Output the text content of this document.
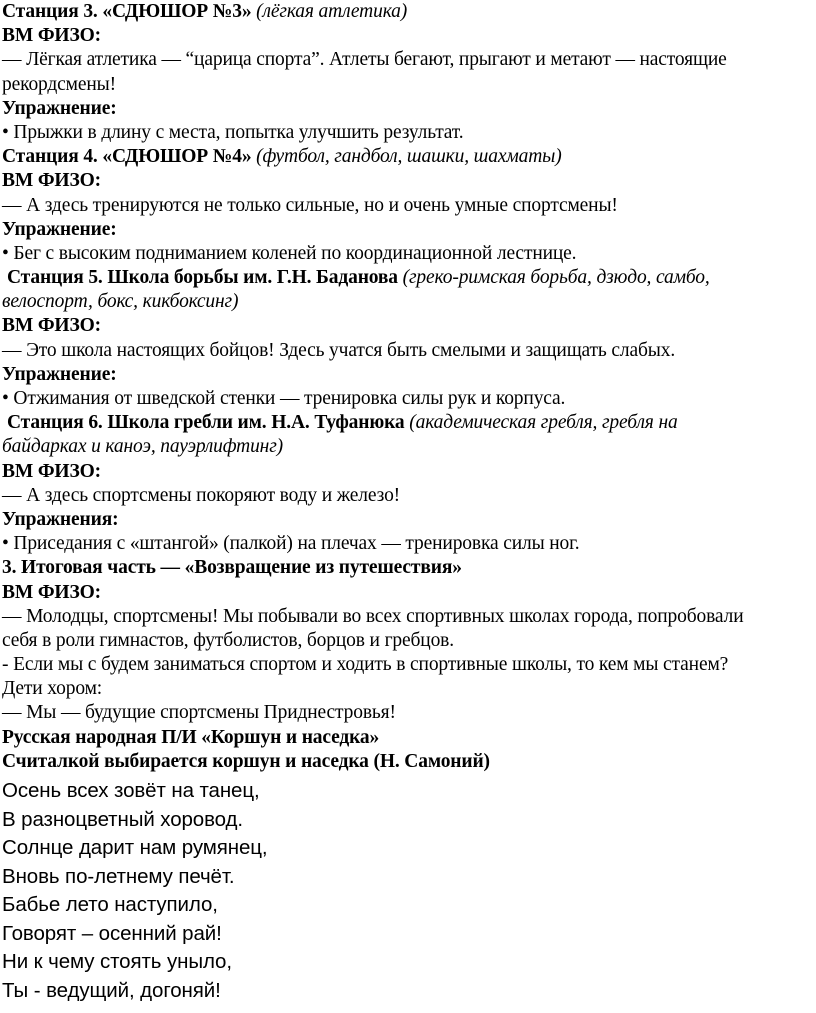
Станция 3. «СДЮШОР №3» (лёгкая атлетика)
ВМ ФИЗО:
— Лёгкая атлетика — “царица спорта”. Атлеты бегают, прыгают и метают — настоящие
рекордсмены!
Упражнение:
• Прыжки в длину с места, попытка улучшить результат.
Станция 4. «СДЮШОР №4» (футбол, гандбол, шашки, шахматы)
ВМ ФИЗО:
— А здесь тренируются не только сильные, но и очень умные спортсмены!
Упражнение:
• Бег с высоким подниманием коленей по координационной лестнице.
Станция 5. Школа борьбы им. Г.Н. Баданова (греко-римская борьба, дзюдо, самбо,
велоспорт, бокс, кикбоксинг)
ВМ ФИЗО:
— Это школа настоящих бойцов! Здесь учатся быть смелыми и защищать слабых.
Упражнение:
• Отжимания от шведской стенки — тренировка силы рук и корпуса.
Станция 6. Школа гребли им. Н.А. Туфанюка (академическая гребля, гребля на
байдарках и каноэ, пауэрлифтинг)
ВМ ФИЗО:
— А здесь спортсмены покоряют воду и железо!
Упражнения:
• Приседания с «штангой» (палкой) на плечах — тренировка силы ног.
3. Итоговая часть — «Возвращение из путешествия»
ВМ ФИЗО:
— Молодцы, спортсмены! Мы побывали во всех спортивных школах города, попробовали
себя в роли гимнастов, футболистов, борцов и гребцов.
- Если мы с будем заниматься спортом и ходить в спортивные школы, то кем мы станем?
Дети хором:
— Мы — будущие спортсмены Приднестровья!
Русская народная П/И «Коршун и наседка»
Считалкой выбирается коршун и наседка (Н. Самоний)
Осень всех зовёт на танец,
В разноцветный хоровод.
Солнце дарит нам румянец,
Вновь по-летнему печёт.
Бабье лето наступило,
Говорят – осенний рай!
Ни к чему стоять уныло,
Ты - ведущий, догоняй!
